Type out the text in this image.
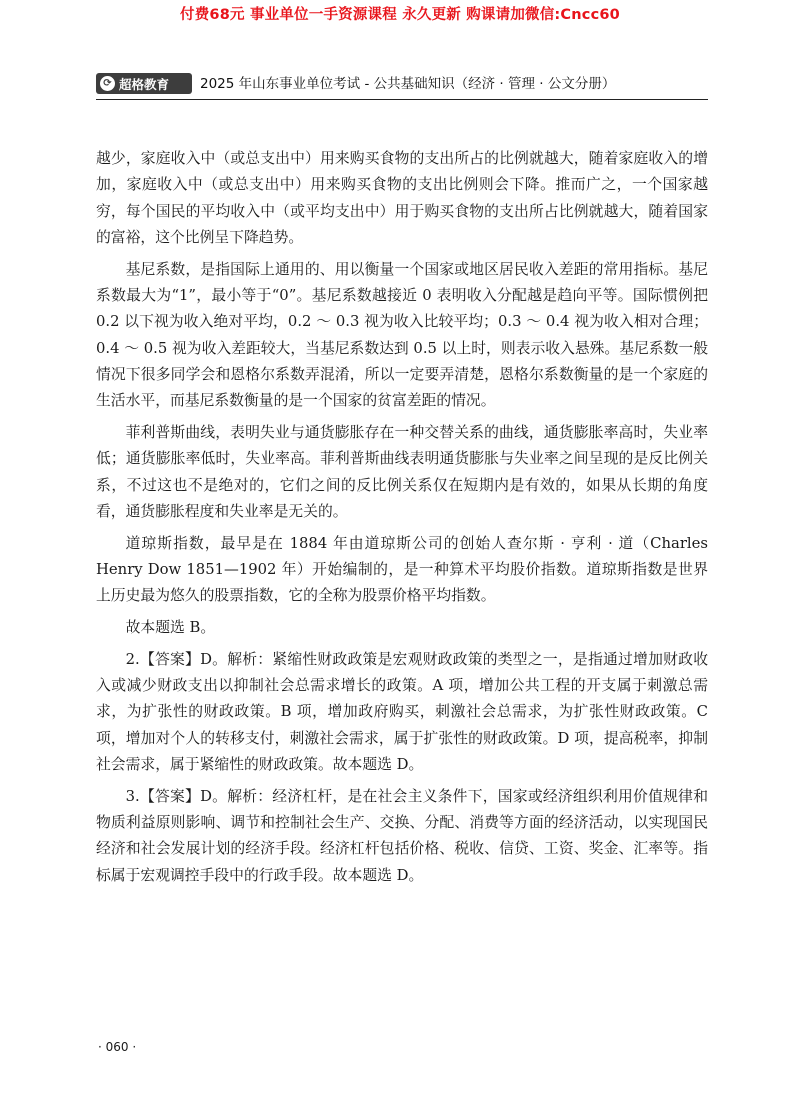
付费68元 事业单位一手资源课程 永久更新 购课请加微信:Cncc60
⟳ 超格教育 2025 年山东事业单位考试 - 公共基础知识（经济 · 管理 · 公文分册）

越少，家庭收入中（或总支出中）用来购买食物的支出所占的比例就越大，随着家庭收入的增加，家庭收入中（或总支出中）用来购买食物的支出比例则会下降。推而广之，一个国家越穷，每个国民的平均收入中（或平均支出中）用于购买食物的支出所占比例就越大，随着国家的富裕，这个比例呈下降趋势。

基尼系数，是指国际上通用的、用以衡量一个国家或地区居民收入差距的常用指标。基尼系数最大为“1”，最小等于“0”。基尼系数越接近 0 表明收入分配越是趋向平等。国际惯例把 0.2 以下视为收入绝对平均，0.2 ～ 0.3 视为收入比较平均；0.3 ～ 0.4 视为收入相对合理；0.4 ～ 0.5 视为收入差距较大，当基尼系数达到 0.5 以上时，则表示收入悬殊。基尼系数一般情况下很多同学会和恩格尔系数弄混淆，所以一定要弄清楚，恩格尔系数衡量的是一个家庭的生活水平，而基尼系数衡量的是一个国家的贫富差距的情况。

菲利普斯曲线，表明失业与通货膨胀存在一种交替关系的曲线，通货膨胀率高时，失业率低；通货膨胀率低时，失业率高。菲利普斯曲线表明通货膨胀与失业率之间呈现的是反比例关系，不过这也不是绝对的，它们之间的反比例关系仅在短期内是有效的，如果从长期的角度看，通货膨胀程度和失业率是无关的。

道琼斯指数，最早是在 1884 年由道琼斯公司的创始人查尔斯 · 亨利 · 道（Charles Henry Dow 1851—1902 年）开始编制的，是一种算术平均股价指数。道琼斯指数是世界上历史最为悠久的股票指数，它的全称为股票价格平均指数。

故本题选 B。

2.【答案】D。解析：紧缩性财政政策是宏观财政政策的类型之一，是指通过增加财政收入或减少财政支出以抑制社会总需求增长的政策。A 项，增加公共工程的开支属于刺激总需求，为扩张性的财政政策。B 项，增加政府购买，刺激社会总需求，为扩张性财政政策。C 项，增加对个人的转移支付，刺激社会需求，属于扩张性的财政政策。D 项，提高税率，抑制社会需求，属于紧缩性的财政政策。故本题选 D。

3.【答案】D。解析：经济杠杆，是在社会主义条件下，国家或经济组织利用价值规律和物质利益原则影响、调节和控制社会生产、交换、分配、消费等方面的经济活动，以实现国民经济和社会发展计划的经济手段。经济杠杆包括价格、税收、信贷、工资、奖金、汇率等。指标属于宏观调控手段中的行政手段。故本题选 D。

· 060 ·
